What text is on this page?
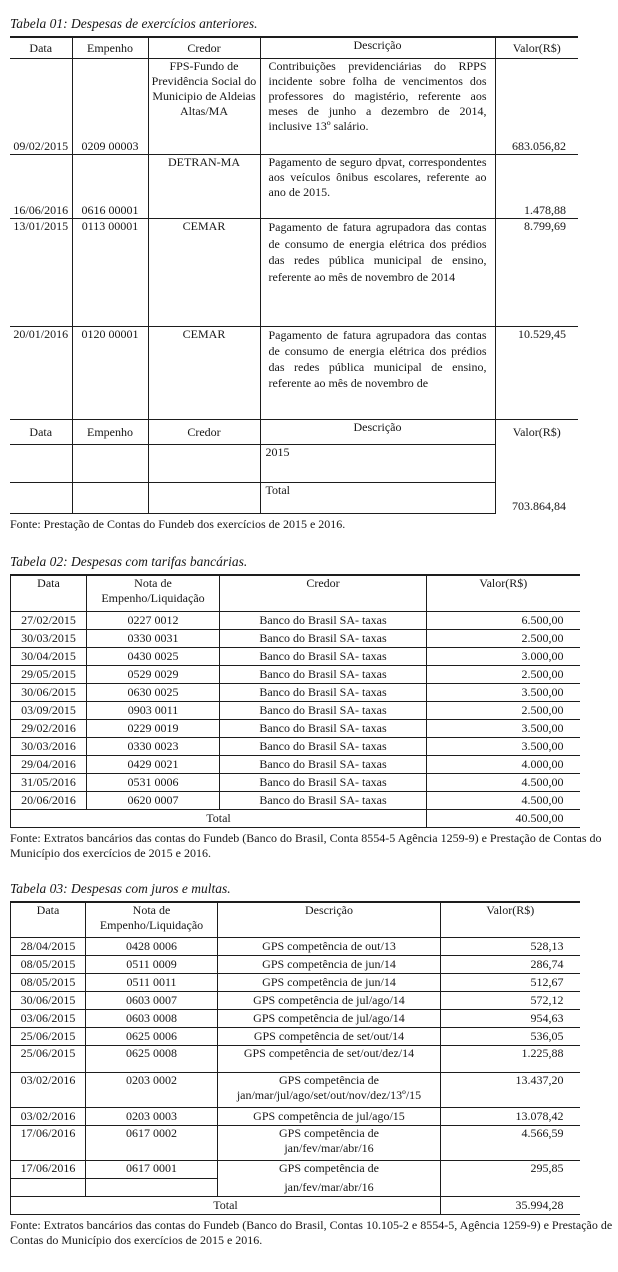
Tabela 01: Despesas de exercícios anteriores.

Data	Empenho	Credor	Descrição	Valor(R$)
09/02/2015	0209 00003	FPS-Fundo de Previdência Social do Municipio de Aldeias Altas/MA	Contribuições previdenciárias do RPPS incidente sobre folha de vencimentos dos professores do magistério, referente aos meses de junho a dezembro de 2014, inclusive 13º salário.	683.056,82
16/06/2016	0616 00001	DETRAN-MA	Pagamento de seguro dpvat, correspondentes aos veículos ônibus escolares, referente ao ano de 2015.	1.478,88
13/01/2015	0113 00001	CEMAR	Pagamento de fatura agrupadora das contas de consumo de energia elétrica dos prédios das redes pública municipal de ensino, referente ao mês de novembro de 2014	8.799,69
20/01/2016	0120 00001	CEMAR	Pagamento de fatura agrupadora das contas de consumo de energia elétrica dos prédios das redes pública municipal de ensino, referente ao mês de novembro de	10.529,45
Data	Empenho	Credor	Descrição	Valor(R$)
			2015	
			Total	703.864,84

Fonte: Prestação de Contas do Fundeb dos exercícios de 2015 e 2016.

Tabela 02: Despesas com tarifas bancárias.

Data	Nota de Empenho/Liquidação	Credor	Valor(R$)
27/02/2015	0227 0012	Banco do Brasil SA- taxas	6.500,00
30/03/2015	0330 0031	Banco do Brasil SA- taxas	2.500,00
30/04/2015	0430 0025	Banco do Brasil SA- taxas	3.000,00
29/05/2015	0529 0029	Banco do Brasil SA- taxas	2.500,00
30/06/2015	0630 0025	Banco do Brasil SA- taxas	3.500,00
03/09/2015	0903 0011	Banco do Brasil SA- taxas	2.500,00
29/02/2016	0229 0019	Banco do Brasil SA- taxas	3.500,00
30/03/2016	0330 0023	Banco do Brasil SA- taxas	3.500,00
29/04/2016	0429 0021	Banco do Brasil SA- taxas	4.000,00
31/05/2016	0531 0006	Banco do Brasil SA- taxas	4.500,00
20/06/2016	0620 0007	Banco do Brasil SA- taxas	4.500,00
Total			40.500,00

Fonte: Extratos bancários das contas do Fundeb (Banco do Brasil, Conta 8554-5 Agência 1259-9) e Prestação de Contas do Município dos exercícios de 2015 e 2016.

Tabela 03: Despesas com juros e multas.

Data	Nota de Empenho/Liquidação	Descrição	Valor(R$)
28/04/2015	0428 0006	GPS competência de out/13	528,13
08/05/2015	0511 0009	GPS competência de jun/14	286,74
08/05/2015	0511 0011	GPS competência de jun/14	512,67
30/06/2015	0603 0007	GPS competência de jul/ago/14	572,12
03/06/2015	0603 0008	GPS competência de jul/ago/14	954,63
25/06/2015	0625 0006	GPS competência de set/out/14	536,05
25/06/2015	0625 0008	GPS competência de set/out/dez/14	1.225,88
03/02/2016	0203 0002	GPS competência de
jan/mar/jul/ago/set/out/nov/dez/13º/15	13.437,20
03/02/2016	0203 0003	GPS competência de jul/ago/15	13.078,42
17/06/2016	0617 0002	GPS competência de
jan/fev/mar/abr/16	4.566,59
17/06/2016	0617 0001	GPS competência de	295,85
		jan/fev/mar/abr/16	
Total			35.994,28

Fonte: Extratos bancários das contas do Fundeb (Banco do Brasil, Contas 10.105-2 e 8554-5, Agência 1259-9) e Prestação de Contas do Município dos exercícios de 2015 e 2016.
